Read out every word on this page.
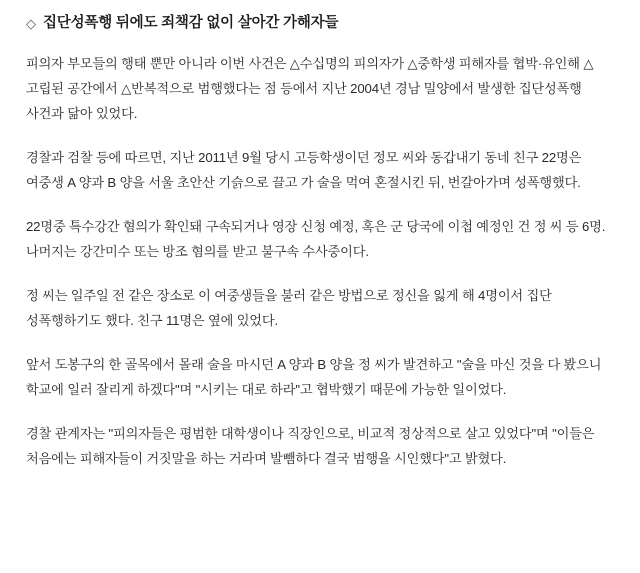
◇ 집단성폭행 뒤에도 죄책감 없이 살아간 가해자들

피의자 부모들의 행태 뿐만 아니라 이번 사건은 △수십명의 피의자가 △중학생 피해자를 협박·유인해 △고립된 공간에서 △반복적으로 범행했다는 점 등에서 지난 2004년 경남 밀양에서 발생한 집단성폭행 사건과 닮아 있었다.

경찰과 검찰 등에 따르면, 지난 2011년 9월 당시 고등학생이던 정모 씨와 동갑내기 동네 친구 22명은 여중생 A 양과 B 양을 서울 초안산 기슭으로 끌고 가 술을 먹여 혼절시킨 뒤, 번갈아가며 성폭행했다.

22명중 특수강간 혐의가 확인돼 구속되거나 영장 신청 예정, 혹은 군 당국에 이첩 예정인 건 정 씨 등 6명. 나머지는 강간미수 또는 방조 혐의를 받고 불구속 수사중이다.

정 씨는 일주일 전 같은 장소로 이 여중생들을 불러 같은 방법으로 정신을 잃게 해 4명이서 집단 성폭행하기도 했다. 친구 11명은 옆에 있었다.

앞서 도봉구의 한 골목에서 몰래 술을 마시던 A 양과 B 양을 정 씨가 발견하고 "술을 마신 것을 다 봤으니 학교에 일러 잘리게 하겠다"며 "시키는 대로 하라"고 협박했기 때문에 가능한 일이었다.

경찰 관계자는 "피의자들은 평범한 대학생이나 직장인으로, 비교적 정상적으로 살고 있었다"며 "이들은 처음에는 피해자들이 거짓말을 하는 거라며 발뺌하다 결국 범행을 시인했다"고 밝혔다.
